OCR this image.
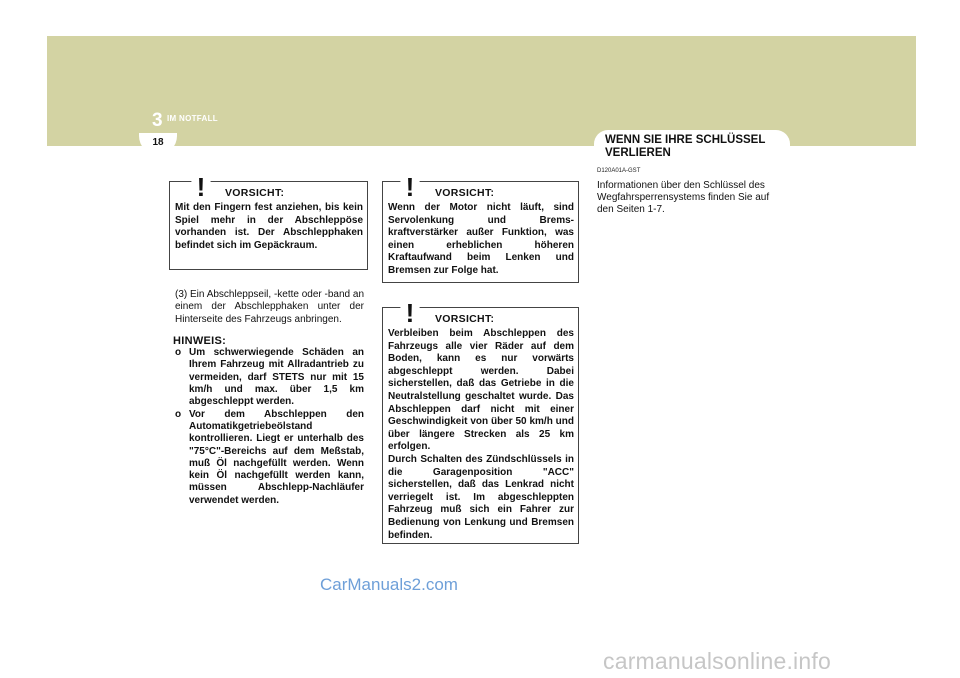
3 IM NOTFALL
18	WENN SIE IHRE SCHLÜSSEL VERLIEREN
! VORSICHT:
Mit den Fingern fest anziehen, bis kein Spiel mehr in der Abschleppöse vorhanden ist. Der Abschlepphaken befindet sich im Gepäckraum.
(3) Ein Abschleppseil, -kette oder -band an einem der Abschlepphaken unter der Hinterseite des Fahrzeugs anbringen.
HINWEIS:
o Um schwerwiegende Schäden an Ihrem Fahrzeug mit Allradantrieb zu vermeiden, darf STETS nur mit 15 km/h und max. über 1,5 km abgeschleppt werden.
o Vor dem Abschleppen den Automatikgetriebeölstand kontrollieren. Liegt er unterhalb des "75°C"-Bereichs auf dem Meßstab, muß Öl nachgefüllt werden. Wenn kein Öl nachgefüllt werden kann, müssen Abschlepp-Nachläufer verwendet werden.
! VORSICHT:
Wenn der Motor nicht läuft, sind Servolenkung und Brems-kraftverstärker außer Funktion, was einen erheblichen höheren Kraftaufwand beim Lenken und Bremsen zur Folge hat.
! VORSICHT:
Verbleiben beim Abschleppen des Fahrzeugs alle vier Räder auf dem Boden, kann es nur vorwärts abgeschleppt werden. Dabei sicherstellen, daß das Getriebe in die Neutralstellung geschaltet wurde. Das Abschleppen darf nicht mit einer Geschwindigkeit von über 50 km/h und über längere Strecken als 25 km erfolgen.
Durch Schalten des Zündschlüssels in die Garagenposition "ACC" sicherstellen, daß das Lenkrad nicht verriegelt ist. Im abgeschleppten Fahrzeug muß sich ein Fahrer zur Bedienung von Lenkung und Bremsen befinden.
D120A01A-GST
Informationen über den Schlüssel des Wegfahrsperrensystems finden Sie auf den Seiten 1-7.
CarManuals2.com
carmanualsonline.info
